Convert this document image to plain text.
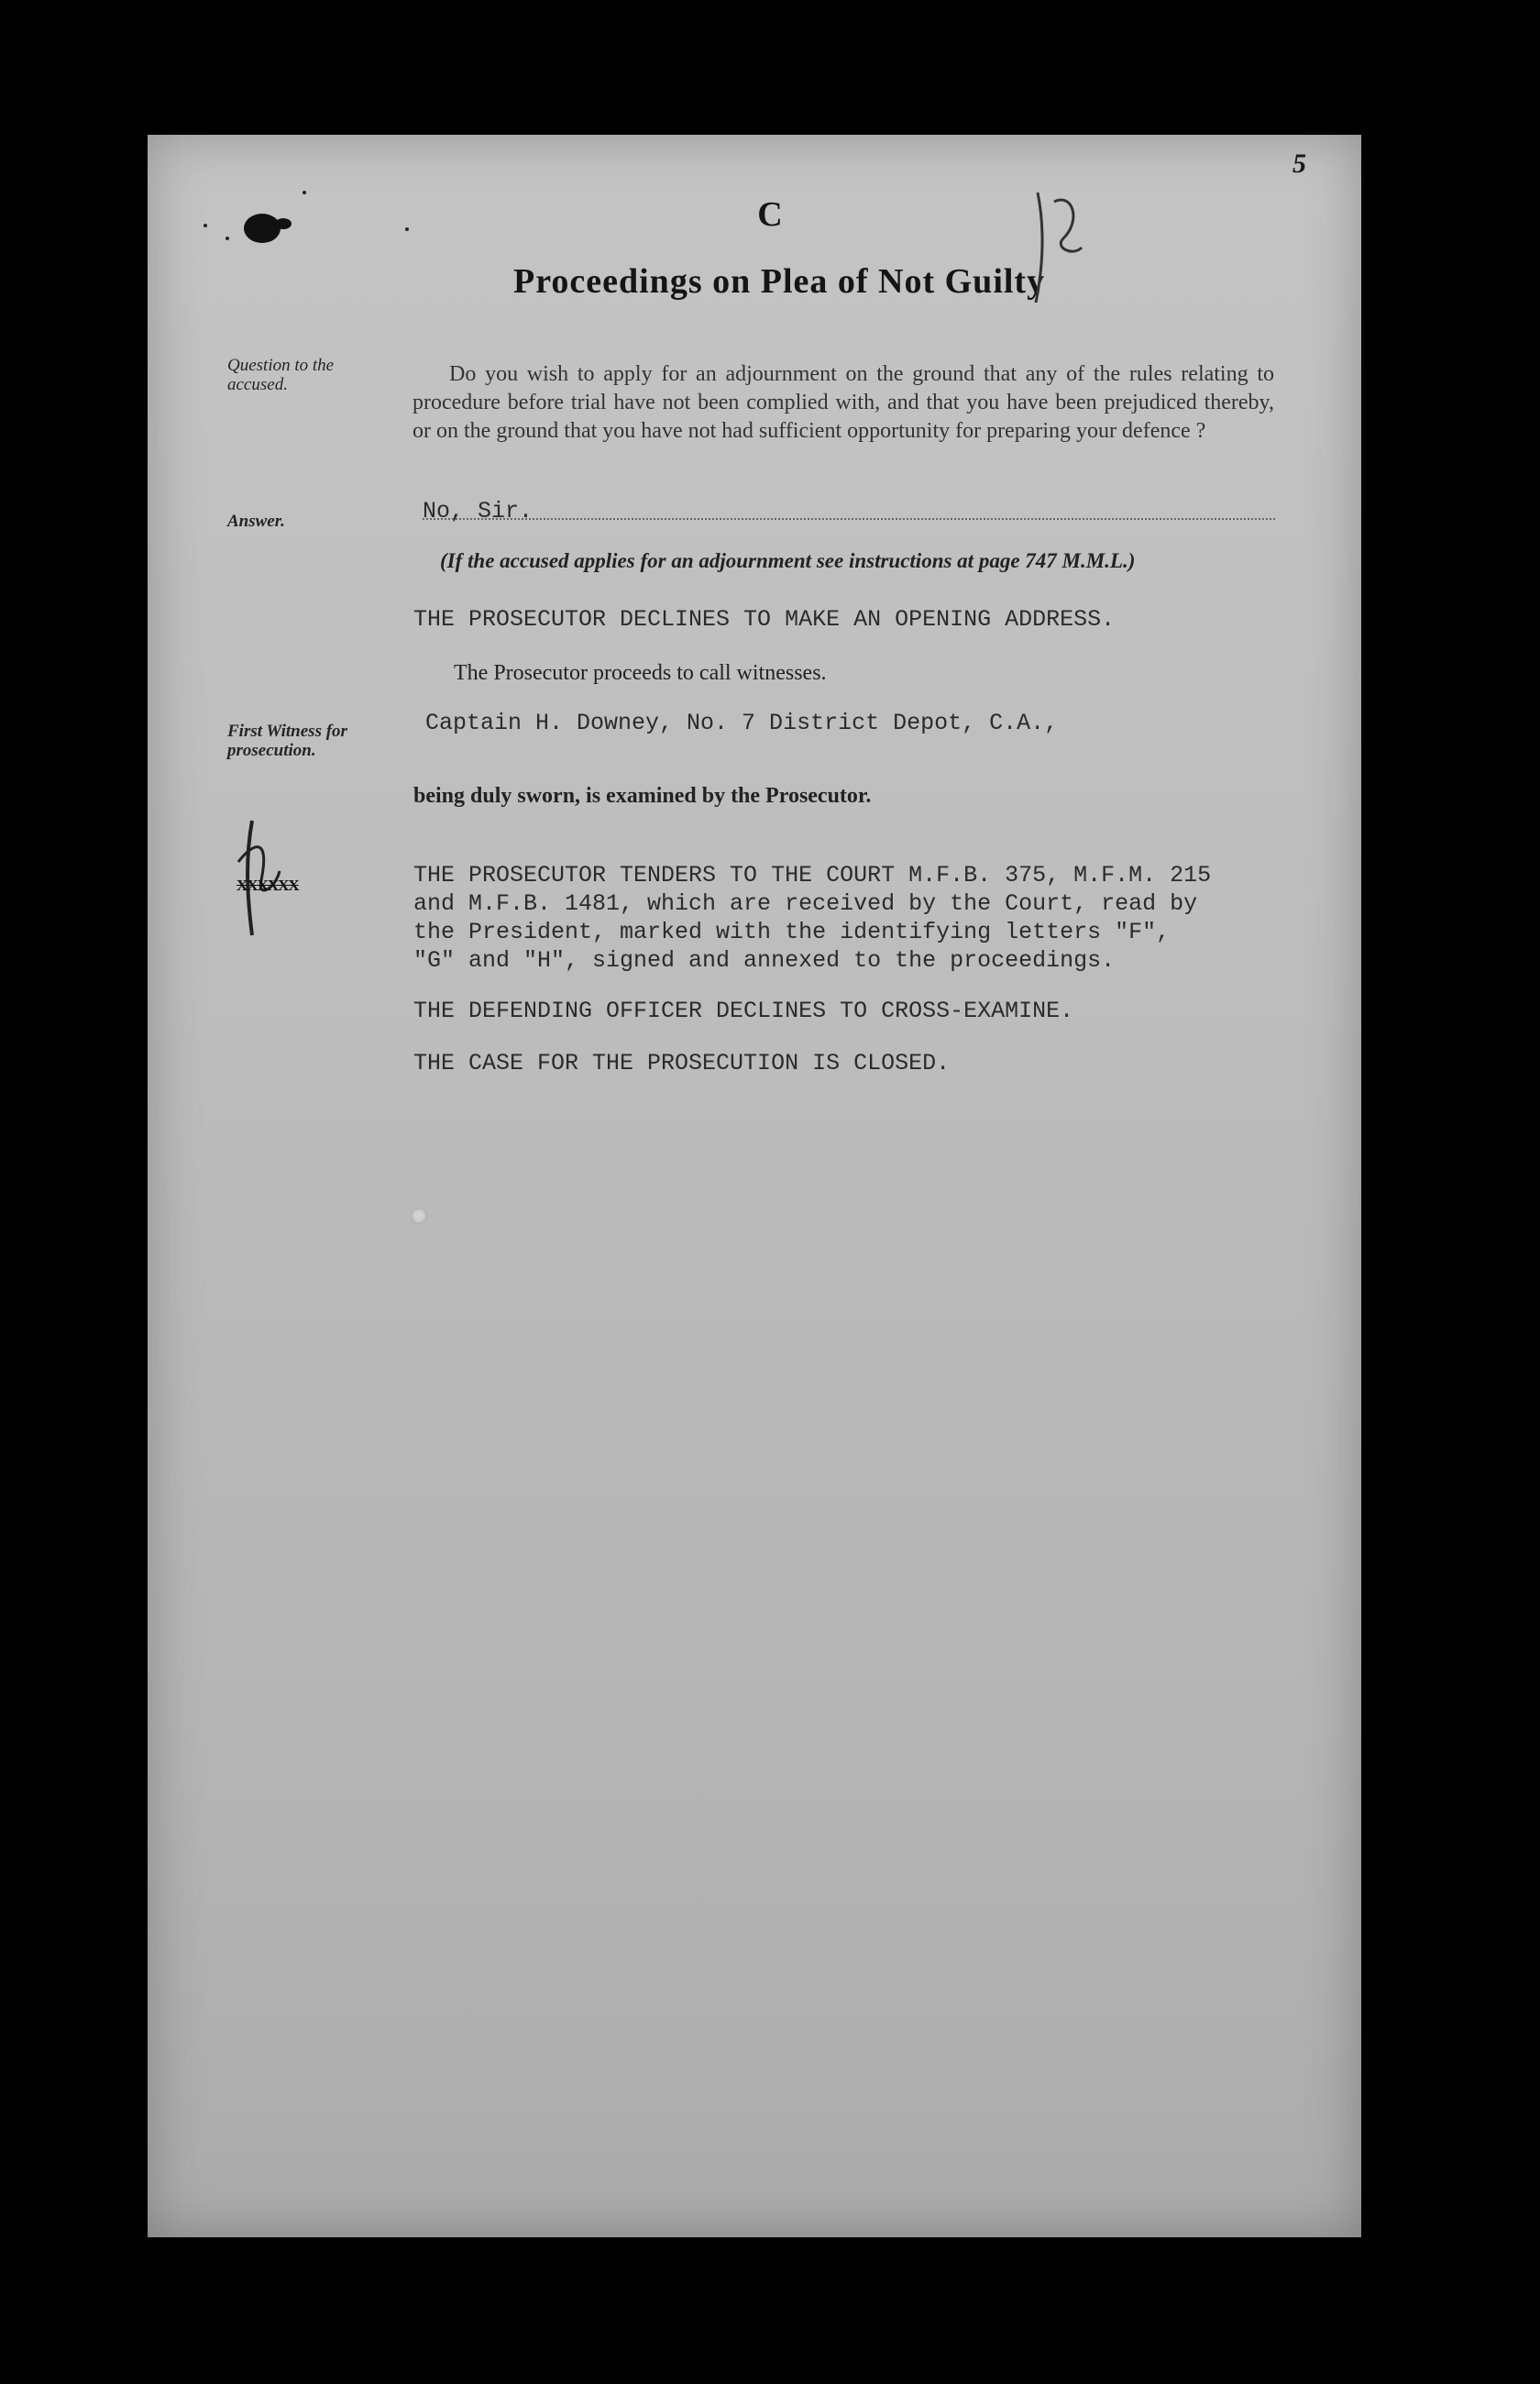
5
C
Proceedings on Plea of Not Guilty
Question to the accused.	Do you wish to apply for an adjournment on the ground that any of the rules relating to procedure before trial have not been complied with, and that you have been prejudiced thereby, or on the ground that you have not had sufficient opportunity for preparing your defence ?
Answer.	No, Sir.
(If the accused applies for an adjournment see instructions at page 747 M.M.L.)
THE PROSECUTOR DECLINES TO MAKE AN OPENING ADDRESS.
The Prosecutor proceeds to call witnesses.
First Witness for prosecution.
Captain H. Downey, No. 7 District Depot, C.A.,
being duly sworn, is examined by the Prosecutor.
XXXXXX	THE PROSECUTOR TENDERS TO THE COURT M.F.B. 375, M.F.M. 215
and M.F.B. 1481, which are received by the Court, read by
the President, marked with the identifying letters "F",
"G" and "H", signed and annexed to the proceedings.
THE DEFENDING OFFICER DECLINES TO CROSS-EXAMINE.
THE CASE FOR THE PROSECUTION IS CLOSED.
